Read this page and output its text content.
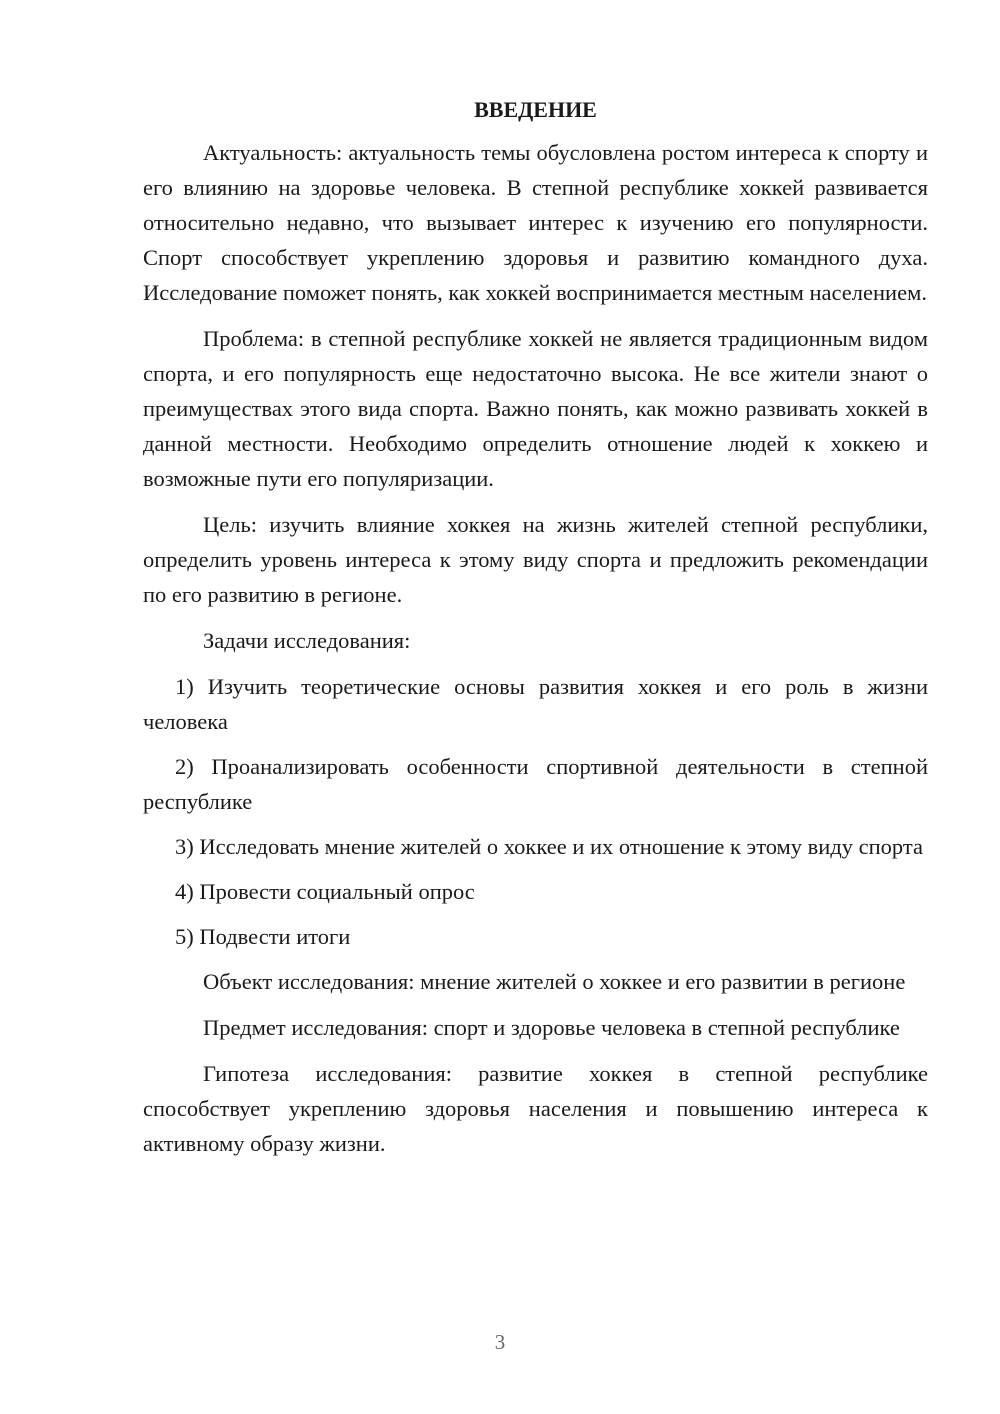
ВВЕДЕНИЕ

Актуальность: актуальность темы обусловлена ростом интереса к спорту и его влиянию на здоровье человека. В степной республике хоккей развивается относительно недавно, что вызывает интерес к изучению его популярности. Спорт способствует укреплению здоровья и развитию командного духа. Исследование поможет понять, как хоккей воспринимается местным населением.

Проблема: в степной республике хоккей не является традиционным видом спорта, и его популярность еще недостаточно высока. Не все жители знают о преимуществах этого вида спорта. Важно понять, как можно развивать хоккей в данной местности. Необходимо определить отношение людей к хоккею и возможные пути его популяризации.

Цель: изучить влияние хоккея на жизнь жителей степной республики, определить уровень интереса к этому виду спорта и предложить рекомендации по его развитию в регионе.

Задачи исследования:

1) Изучить теоретические основы развития хоккея и его роль в жизни человека

2) Проанализировать особенности спортивной деятельности в степной республике

3) Исследовать мнение жителей о хоккее и их отношение к этому виду спорта

4) Провести социальный опрос

5) Подвести итоги

Объект исследования: мнение жителей о хоккее и его развитии в регионе

Предмет исследования: спорт и здоровье человека в степной республике

Гипотеза исследования: развитие хоккея в степной республике способствует укреплению здоровья населения и повышению интереса к активному образу жизни.

3
